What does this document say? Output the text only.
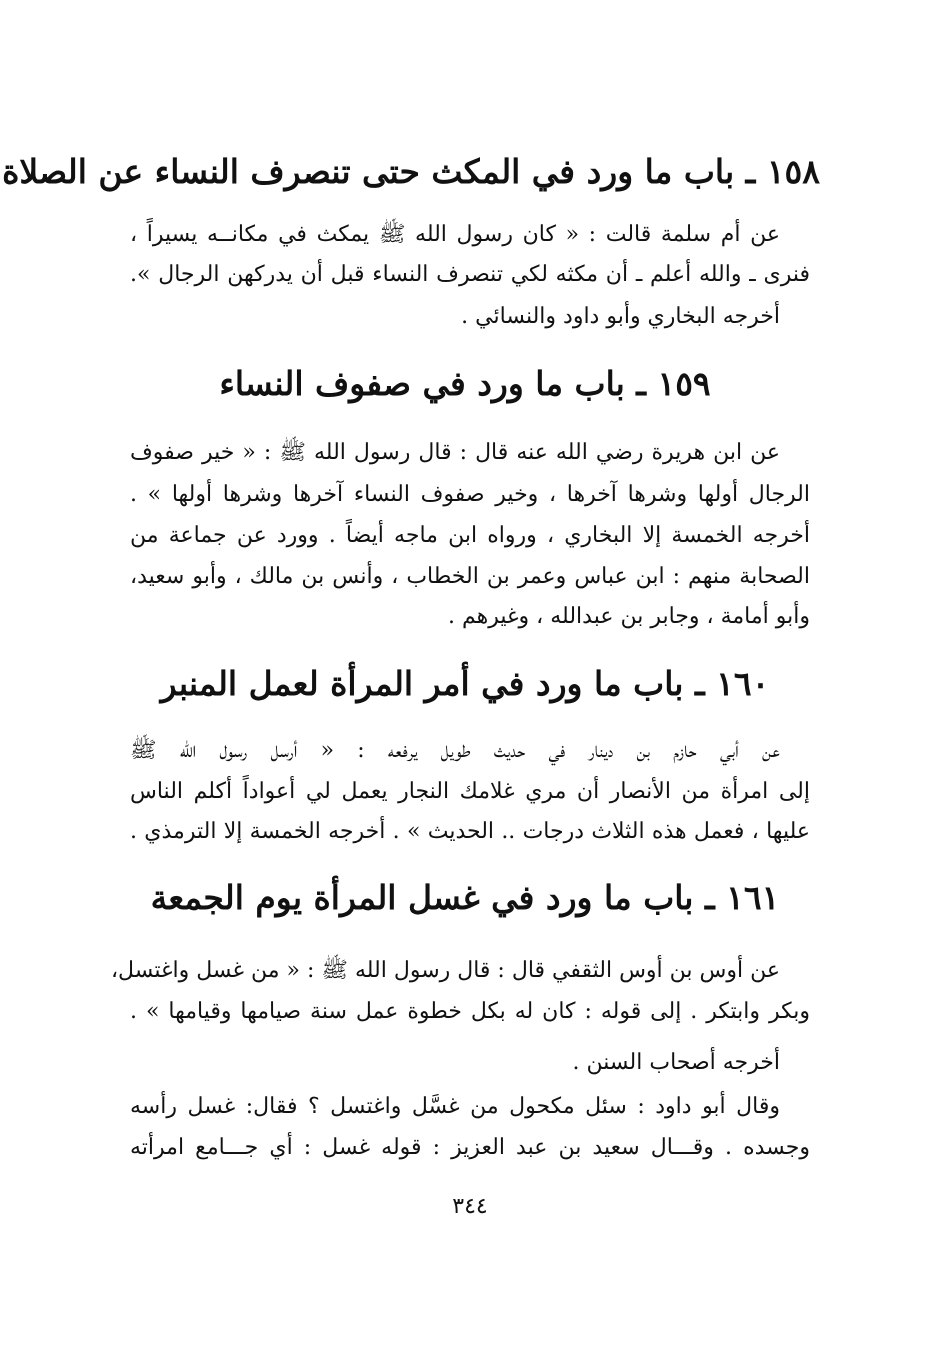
١٥٨ ـ باب ما ورد في المكث حتى تنصرف النساء عن الصلاة
عن أم سلمة قالت : « كان رسول الله ﷺ يمكث في مكانــه يسيراً ،
فنرى ـ والله أعلم ـ أن مكثه لكي تنصرف النساء قبل أن يدركهن الرجال ».
أخرجه البخاري وأبو داود والنسائي .
١٥٩ ـ باب ما ورد في صفوف النساء
عن ابن هريرة رضي الله عنه قال : قال رسول الله ﷺ : « خير صفوف
الرجال أولها وشرها آخرها ، وخير صفوف النساء آخرها وشرها أولها » .
أخرجه الخمسة إلا البخاري ، ورواه ابن ماجه أيضاً . وورد عن جماعة من
الصحابة منهم : ابن عباس وعمر بن الخطاب ، وأنس بن مالك ، وأبو سعيد،
وأبو أمامة ، وجابر بن عبدالله ، وغيرهم .
١٦٠ ـ باب ما ورد في أمر المرأة لعمل المنبر
عن أبي حازم بن دينار في حديث طويل يرفعه : « أرسل رسول الله ﷺ
إلى امرأة من الأنصار أن مري غلامك النجار يعمل لي أعواداً أكلم الناس
عليها ، فعمل هذه الثلاث درجات .. الحديث » . أخرجه الخمسة إلا الترمذي .
١٦١ ـ باب ما ورد في غسل المرأة يوم الجمعة
عن أوس بن أوس الثقفي قال : قال رسول الله ﷺ : « من غسل واغتسل،
وبكر وابتكر . إلى قوله : كان له بكل خطوة عمل سنة صيامها وقيامها » .
أخرجه أصحاب السنن .
وقال أبو داود : سئل مكحول من غسَّل واغتسل ؟ فقال: غسل رأسه
وجسده . وقـــال سعيد بن عبد العزيز : قوله غسل : أي جـــامع امرأته
٣٤٤
